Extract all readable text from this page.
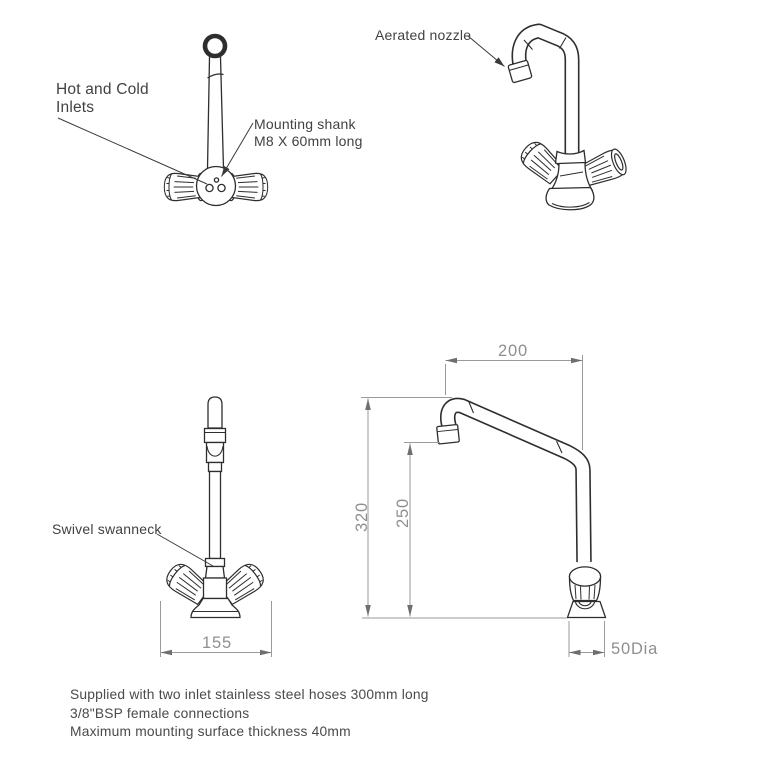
155
200
320 250
50Dia
Hot and Cold
Inlets
Mounting shank
M8 X 60mm long
Aerated nozzle
Swivel swanneck
Supplied with two inlet stainless steel hoses 300mm long
3/8"BSP female connections
Maximum mounting surface thickness 40mm
